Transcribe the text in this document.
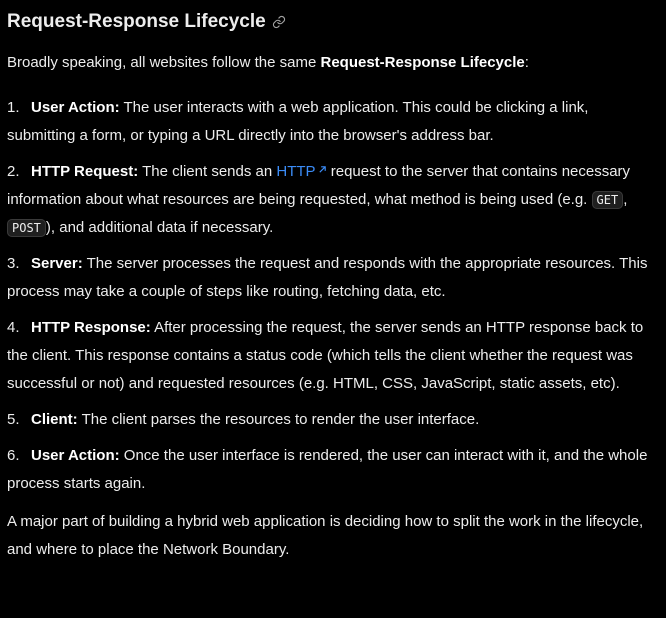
Request-Response Lifecycle

Broadly speaking, all websites follow the same Request-Response Lifecycle:

1. User Action: The user interacts with a web application. This could be clicking a link, submitting a form, or typing a URL directly into the browser's address bar.
2. HTTP Request: The client sends an HTTP request to the server that contains necessary information about what resources are being requested, what method is being used (e.g. GET , POST ), and additional data if necessary.
3. Server: The server processes the request and responds with the appropriate resources. This process may take a couple of steps like routing, fetching data, etc.
4. HTTP Response: After processing the request, the server sends an HTTP response back to the client. This response contains a status code (which tells the client whether the request was successful or not) and requested resources (e.g. HTML, CSS, JavaScript, static assets, etc).
5. Client: The client parses the resources to render the user interface.
6. User Action: Once the user interface is rendered, the user can interact with it, and the whole process starts again.

A major part of building a hybrid web application is deciding how to split the work in the lifecycle, and where to place the Network Boundary.
